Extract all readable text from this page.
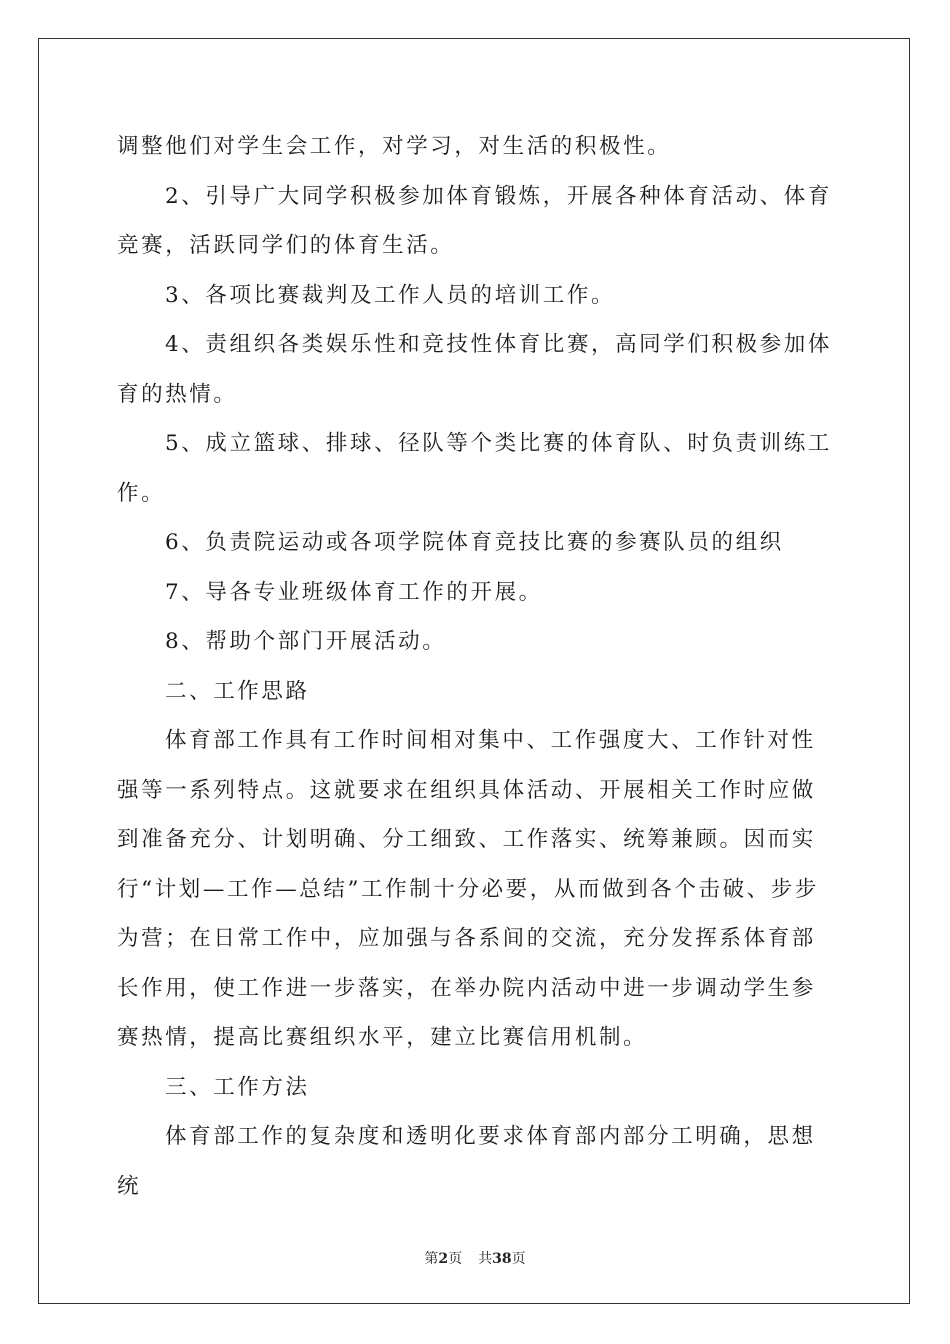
调整他们对学生会工作，对学习，对生活的积极性。

2、引导广大同学积极参加体育锻炼，开展各种体育活动、体育竞赛，活跃同学们的体育生活。

3、各项比赛裁判及工作人员的培训工作。

4、责组织各类娱乐性和竞技性体育比赛，高同学们积极参加体育的热情。

5、成立篮球、排球、径队等个类比赛的体育队、时负责训练工作。

6、负责院运动或各项学院体育竞技比赛的参赛队员的组织

7、导各专业班级体育工作的开展。

8、帮助个部门开展活动。

二、工作思路

体育部工作具有工作时间相对集中、工作强度大、工作针对性强等一系列特点。这就要求在组织具体活动、开展相关工作时应做到准备充分、计划明确、分工细致、工作落实、统筹兼顾。因而实行“计划—工作—总结”工作制十分必要，从而做到各个击破、步步为营；在日常工作中，应加强与各系间的交流，充分发挥系体育部长作用，使工作进一步落实，在举办院内活动中进一步调动学生参赛热情，提高比赛组织水平，建立比赛信用机制。

三、工作方法

体育部工作的复杂度和透明化要求体育部内部分工明确，思想统

第2页 共38页
